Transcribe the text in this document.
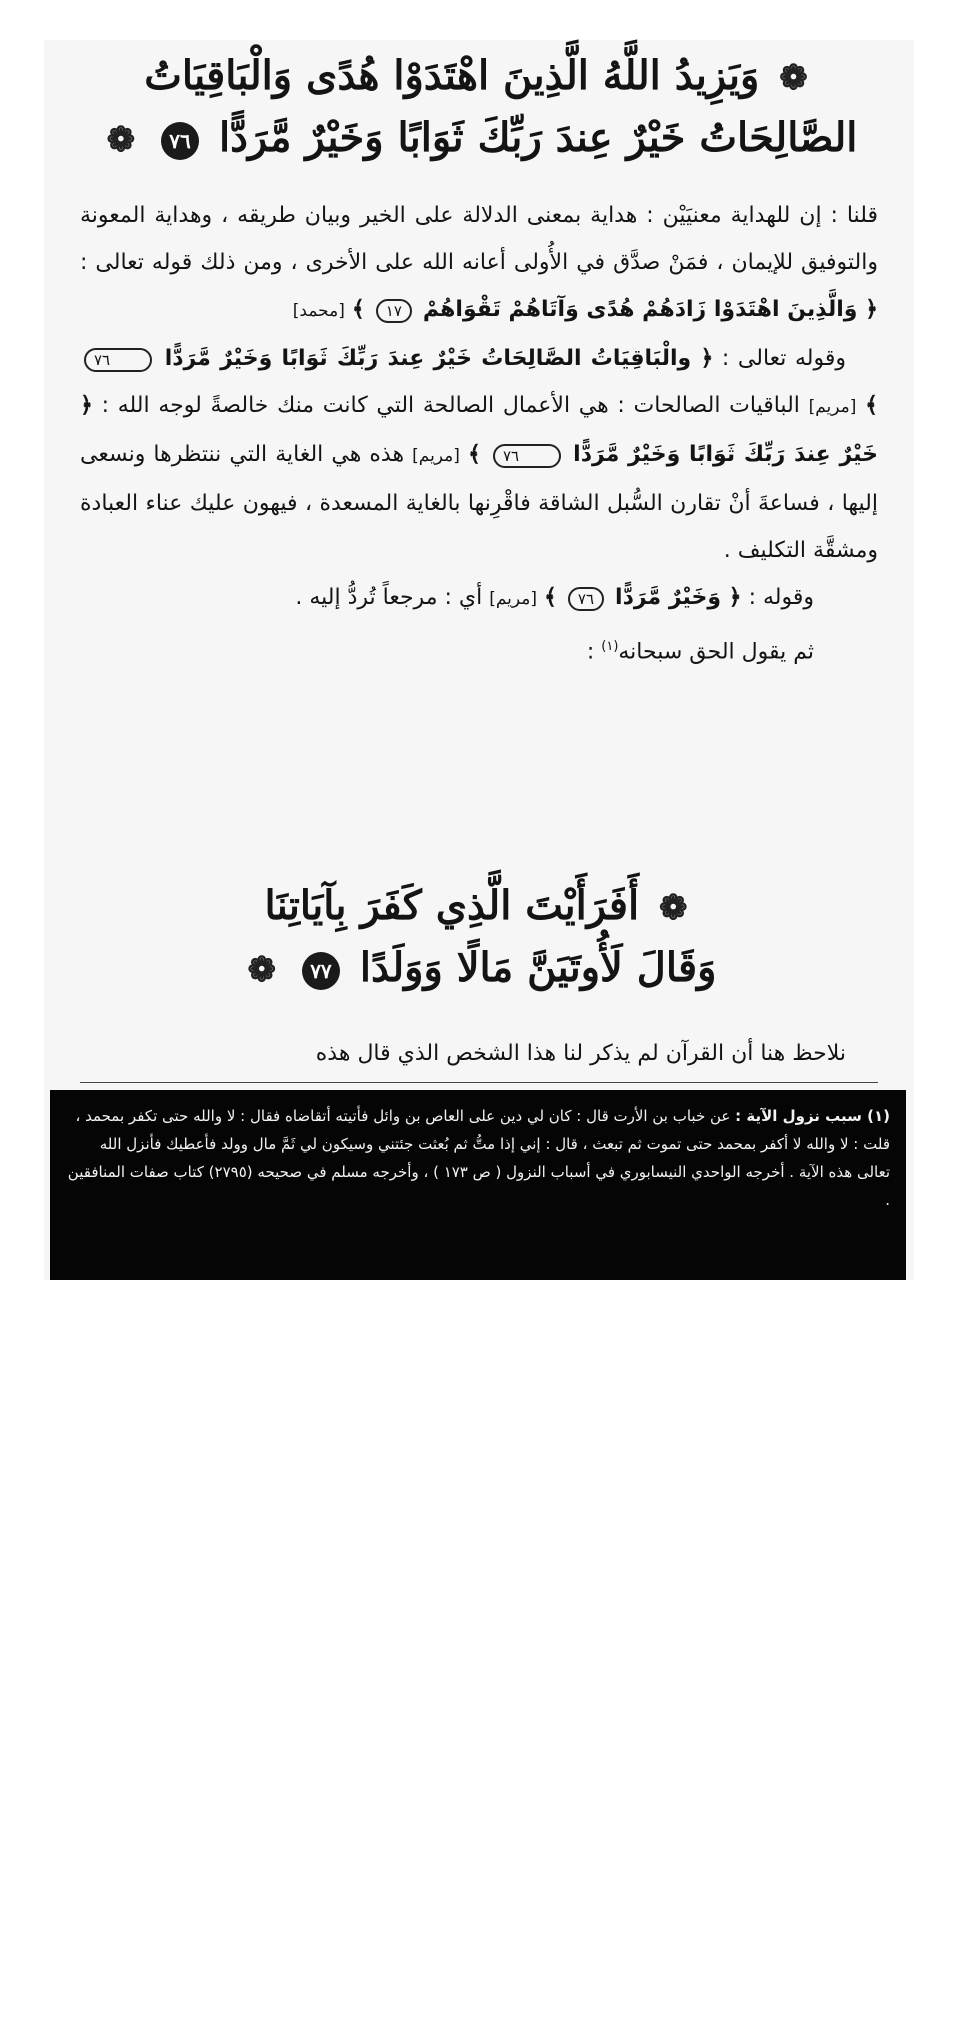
❁ وَيَزِيدُ اللَّهُ الَّذِينَ اهْتَدَوْا هُدًى وَالْبَاقِيَاتُ
الصَّالِحَاتُ خَيْرٌ عِندَ رَبِّكَ ثَوَابًا وَخَيْرٌ مَّرَدًّا ٧٦ ❁

قلنا : إن للهداية معنيَيْن : هداية بمعنى الدلالة على الخير وبيان طريقه ، وهداية المعونة والتوفيق للإيمان ، فمَنْ صدَّق في الأُولى أعانه الله على الأخرى ، ومن ذلك قوله تعالى : ﴿ وَالَّذِينَ اهْتَدَوْا زَادَهُمْ هُدًى وَآتَاهُمْ تَقْوَاهُمْ ١٧ ﴾ [محمد]

وقوله تعالى : ﴿ والْبَاقِيَاتُ الصَّالِحَاتُ خَيْرٌ عِندَ رَبِّكَ ثَوَابًا وَخَيْرٌ مَّرَدًّا ٧٦ ﴾ [مريم] الباقيات الصالحات : هي الأعمال الصالحة التي كانت منك خالصةً لوجه الله : ﴿ خَيْرٌ عِندَ رَبِّكَ ثَوَابًا وَخَيْرٌ مَّرَدًّا ٧٦ ﴾ [مريم] هذه هي الغاية التي ننتظرها ونسعى إليها ، فساعةَ أنْ تقارن السُّبل الشاقة فاقْرِنها بالغاية المسعدة ، فيهون عليك عناء العبادة ومشقَّة التكليف .

وقوله : ﴿ وَخَيْرٌ مَّرَدًّا ٧٦ ﴾ [مريم] أي : مرجعاً تُردُّ إليه .

ثم يقول الحق سبحانه$^{(١)}$ :

❁ أَفَرَأَيْتَ الَّذِي كَفَرَ بِآيَاتِنَا
وَقَالَ لَأُوتَيَنَّ مَالًا وَوَلَدًا ٧٧ ❁

نلاحظ هنا أن القرآن لم يذكر لنا هذا الشخص الذي قال هذه

(١) سبب نزول الآية : عن خباب بن الأرت قال : كان لي دين على العاص بن وائل فأتيته أتقاضاه فقال : لا والله حتى تكفر بمحمد ، قلت : لا والله لا أكفر بمحمد حتى تموت ثم تبعث ، قال : إني إذا متُّ ثم بُعثت جئتني وسيكون لي ثَمَّ مال وولد فأعطيك فأنزل الله تعالى هذه الآية . أخرجه الواحدي النيسابوري في أسباب النزول ( ص ١٧٣ ) ، وأخرجه مسلم في صحيحه (٢٧٩٥) كتاب صفات المنافقين .
